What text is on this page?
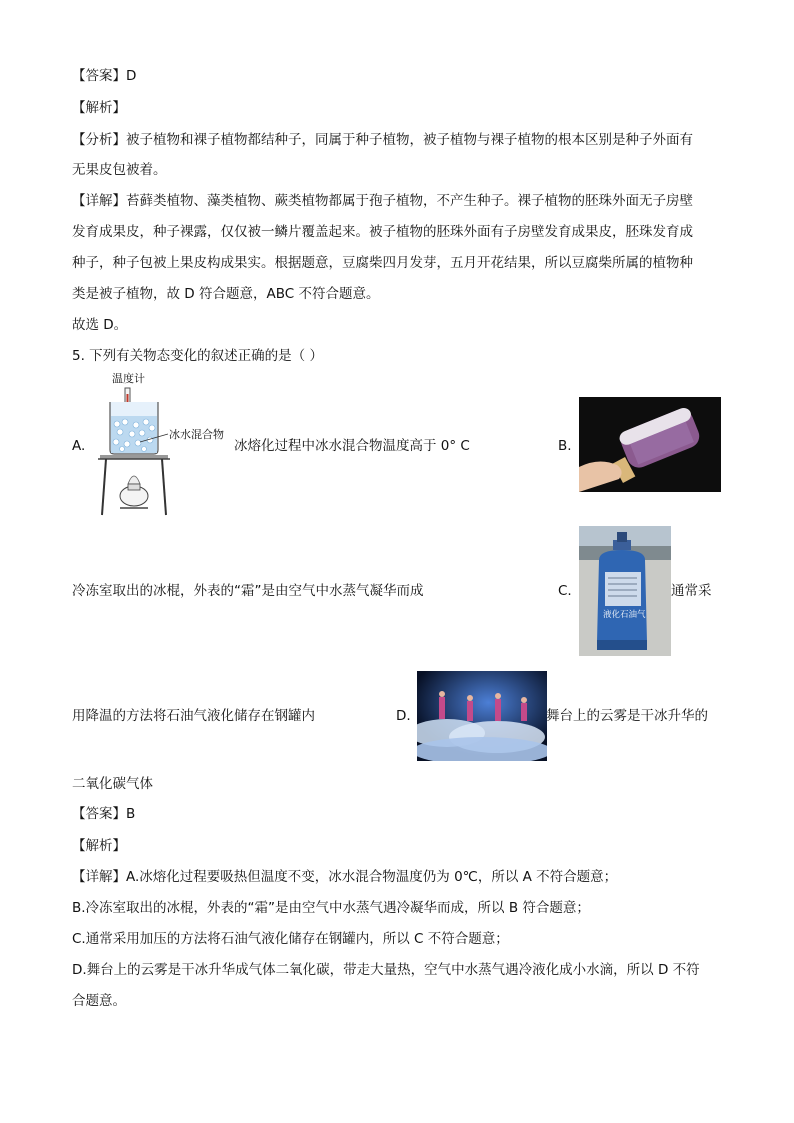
【答案】D
【解析】
【分析】被子植物和裸子植物都结种子，同属于种子植物，被子植物与裸子植物的根本区别是种子外面有
无果皮包被着。
【详解】苔藓类植物、藻类植物、蕨类植物都属于孢子植物，不产生种子。裸子植物的胚珠外面无子房壁
发育成果皮，种子裸露，仅仅被一鳞片覆盖起来。被子植物的胚珠外面有子房壁发育成果皮，胚珠发育成
种子，种子包被上果皮构成果实。根据题意，豆腐柴四月发芽，五月开花结果，所以豆腐柴所属的植物种
类是被子植物，故 D 符合题意，ABC 不符合题意。
故选 D。
5. 下列有关物态变化的叙述正确的是（ ）
A.
温度计
冰水混合物
冰熔化过程中冰水混合物温度高于 0° C	B.
冷冻室取出的冰棍，外表的“霜”是由空气中水蒸气凝华而成	C.
液化石油气
通常采
用降温的方法将石油气液化储存在钢罐内	D.	舞台上的云雾是干冰升华的
二氧化碳气体
【答案】B
【解析】
【详解】A.冰熔化过程要吸热但温度不变，冰水混合物温度仍为 0℃，所以 A 不符合题意；
B.冷冻室取出的冰棍，外表的“霜”是由空气中水蒸气遇冷凝华而成，所以 B 符合题意；
C.通常采用加压的方法将石油气液化储存在钢罐内，所以 C 不符合题意；
D.舞台上的云雾是干冰升华成气体二氧化碳，带走大量热，空气中水蒸气遇冷液化成小水滴，所以 D 不符
合题意。
